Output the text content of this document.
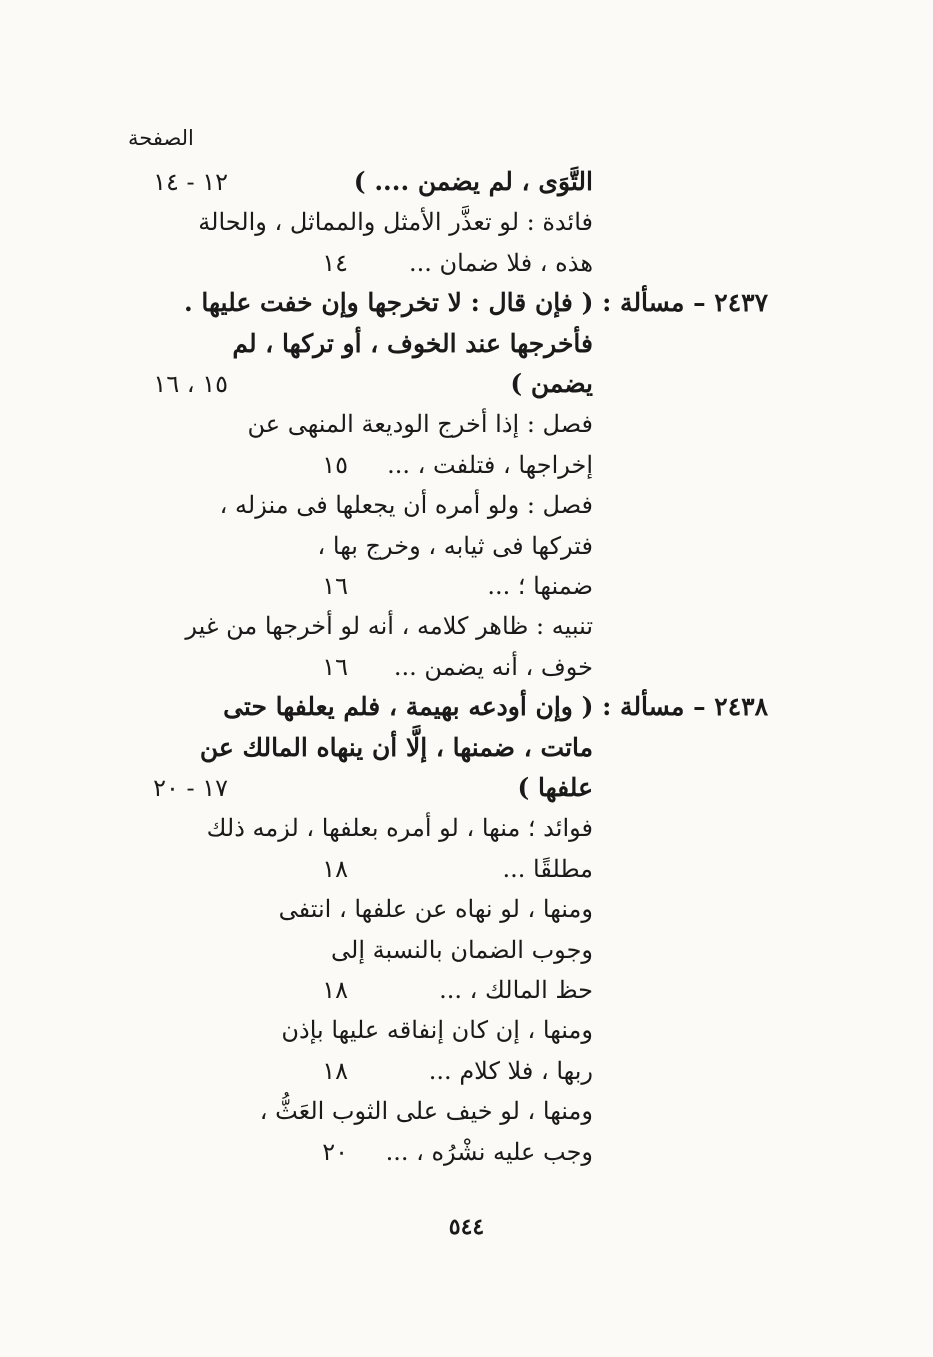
الصفحة
التَّوَى ، لم يضمن .... )
١٢ - ١٤
فائدة : لو تعذَّر الأمثل والمماثل ، والحالة
هذه ، فلا ضمان ...
١٤
٢٤٣٧ – مسألة : ( فإن قال : لا تخرجها وإن خفت عليها .
فأخرجها عند الخوف ، أو تركها ، لم
يضمن )
١٥ ، ١٦
فصل : إذا أخرج الوديعة المنهى عن
إخراجها ، فتلفت ، ...
١٥
فصل : ولو أمره أن يجعلها فى منزله ،
فتركها فى ثيابه ، وخرج بها ،
ضمنها ؛ ...
١٦
تنبيه : ظاهر كلامه ، أنه لو أخرجها من غير
خوف ، أنه يضمن ...
١٦
٢٤٣٨ – مسألة : ( وإن أودعه بهيمة ، فلم يعلفها حتى
ماتت ، ضمنها ، إلَّا أن ينهاه المالك عن
علفها )
١٧ - ٢٠
فوائد ؛ منها ، لو أمره بعلفها ، لزمه ذلك
مطلقًا ...
١٨
ومنها ، لو نهاه عن علفها ، انتفى
وجوب الضمان بالنسبة إلى
حظ المالك ، ...
١٨
ومنها ، إن كان إنفاقه عليها بإذن
ربها ، فلا كلام ...
١٨
ومنها ، لو خيف على الثوب العَثُّ ،
وجب عليه نشْرُه ، ...
٢٠
٥٤٤
